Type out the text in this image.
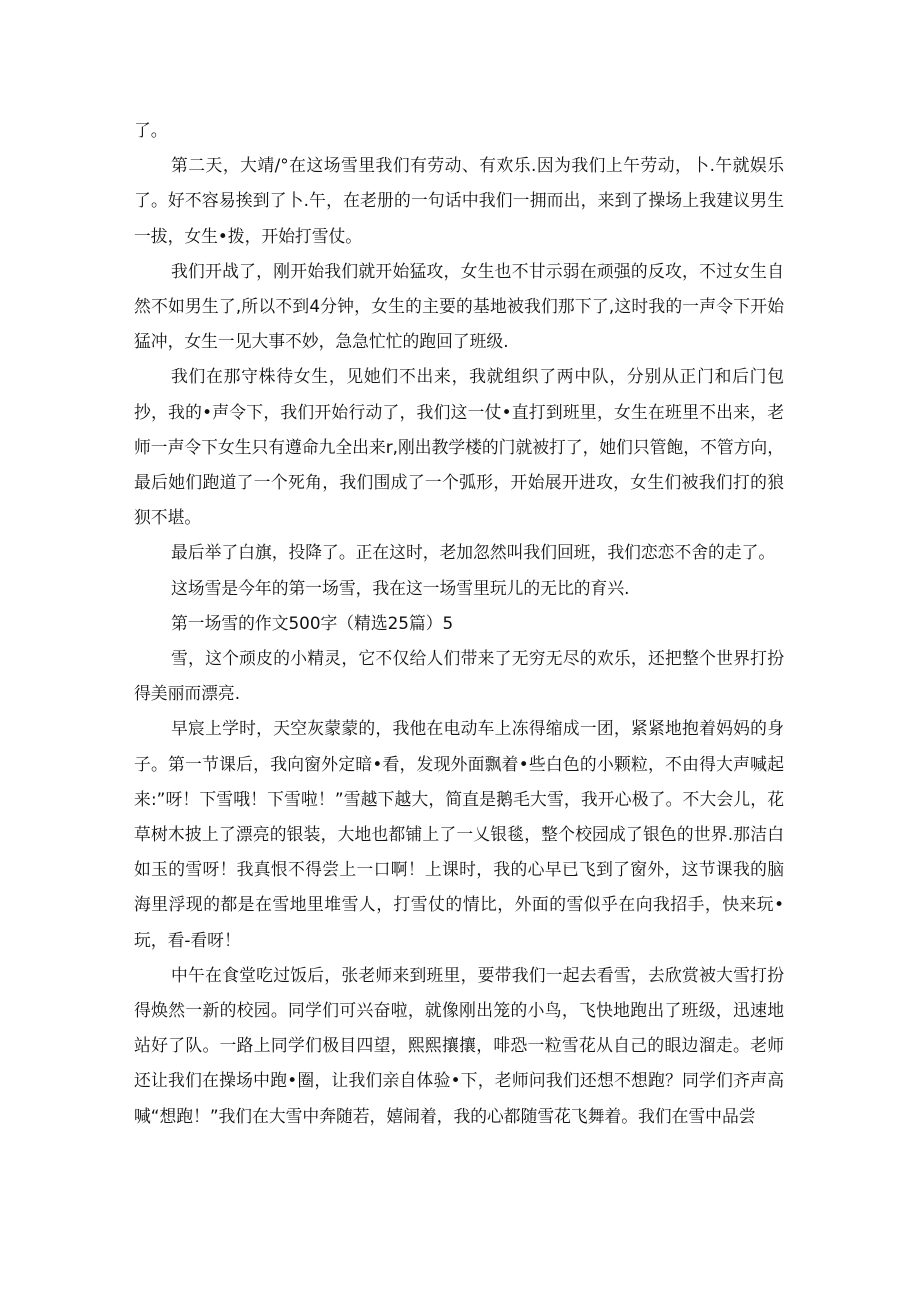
了。

第二天，大靖/°在这场雪里我们有劳动、有欢乐.因为我们上午劳动，卜.午就娱乐了。好不容易挨到了卜.午，在老册的一句话中我们一拥而出，来到了操场上我建议男生一拔，女生•拨，开始打雪仗。

我们开战了，刚开始我们就开始猛攻，女生也不甘示弱在顽强的反攻，不过女生自然不如男生了,所以不到4分钟，女生的主要的基地被我们那下了,这时我的一声令下开始猛冲，女生一见大事不妙，急急忙忙的跑回了班级.

我们在那守株待女生，见她们不出来，我就组织了两中队，分别从正门和后门包抄，我的•声令下，我们开始行动了，我们这一仗•直打到班里，女生在班里不出来，老师一声令下女生只有遵命九全出来r,刚出教学楼的门就被打了，她们只管飽，不管方向，最后她们跑道了一个死角，我们围成了一个弧形，开始展开进攻，女生们被我们打的狼狈不堪。

最后举了白旗，投降了。正在这时，老加忽然叫我们回班，我们恋恋不舍的走了。

这场雪是今年的第一场雪，我在这一场雪里玩儿的无比的育兴.

第一场雪的作文500字（精选25篇）5

雪，这个顽皮的小精灵，它不仅给人们带来了无穷无尽的欢乐，还把整个世界打扮得美丽而漂亮.

早宸上学时，天空灰蒙蒙的，我他在电动车上冻得缩成一团，紧紧地抱着妈妈的身子。第一节课后，我向窗外定暗•看，发现外面飘着•些白色的小颗粒，不由得大声喊起来:”呀！下雪哦！下雪啦！”雪越下越大，简直是鹅毛大雪，我开心极了。不大会儿，花草树木披上了漂亮的银装，大地也都铺上了一乂银毯，整个校园成了银色的世界.那洁白如玉的雪呀！我真恨不得尝上一口啊！上课时，我的心早已飞到了窗外，这节课我的脑海里浮现的都是在雪地里堆雪人，打雪仗的情比，外面的雪似乎在向我招手，快来玩•玩，看-看呀！

中午在食堂吃过饭后，张老师来到班里，要带我们一起去看雪，去欣赏被大雪打扮得焕然一新的校园。同学们可兴奋啦，就像刚出笼的小鸟，飞快地跑出了班级，迅速地站好了队。一路上同学们极目四望，熙熙攘攘，啡恐一粒雪花从自己的眼边溜走。老师还让我们在操场中跑•圈，让我们亲自体验•下，老师问我们还想不想跑？同学们齐声高喊“想跑！”我们在大雪中奔随若，嬉闹着，我的心都随雪花飞舞着。我们在雪中品尝
